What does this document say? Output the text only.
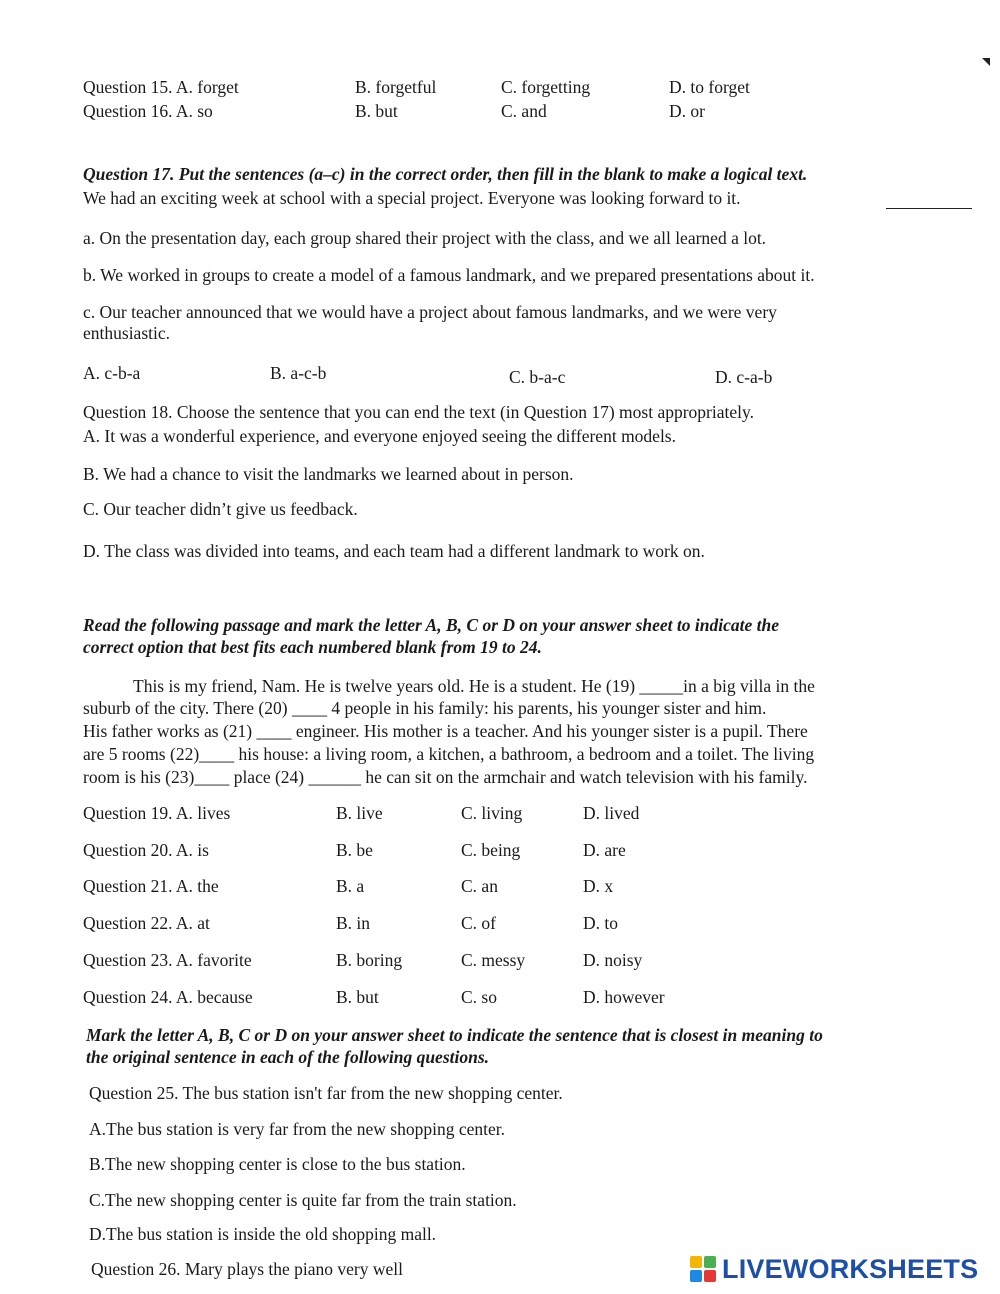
Question 15. A. forget	B. forgetful	C. forgetting	D. to forget
Question 16. A. so	B. but	C. and	D. or
Question 17. Put the sentences (a–c) in the correct order, then fill in the blank to make a logical text.
We had an exciting week at school with a special project. Everyone was looking forward to it.
a. On the presentation day, each group shared their project with the class, and we all learned a lot.
b. We worked in groups to create a model of a famous landmark, and we prepared presentations about it.
c. Our teacher announced that we would have a project about famous landmarks, and we were very
enthusiastic.
A. c-b-a	B. a-c-b	C. b-a-c	D. c-a-b
Question 18. Choose the sentence that you can end the text (in Question 17) most appropriately.
A. It was a wonderful experience, and everyone enjoyed seeing the different models.
B. We had a chance to visit the landmarks we learned about in person.
C. Our teacher didn’t give us feedback.
D. The class was divided into teams, and each team had a different landmark to work on.
Read the following passage and mark the letter A, B, C or D on your answer sheet to indicate the
correct option that best fits each numbered blank from 19 to 24.
This is my friend, Nam. He is twelve years old. He is a student. He (19) _____in a big villa in the
suburb of the city. There (20) ____ 4 people in his family: his parents, his younger sister and him.
His father works as (21) ____ engineer. His mother is a teacher. And his younger sister is a pupil. There
are 5 rooms (22)____ his house: a living room, a kitchen, a bathroom, a bedroom and a toilet. The living
room is his (23)____ place (24) ______ he can sit on the armchair and watch television with his family.
Question 19. A. lives	B. live	C. living	D. lived
Question 20. A. is	B. be	C. being	D. are
Question 21. A. the	B. a	C. an	D. x
Question 22. A. at	B. in	C. of	D. to
Question 23. A. favorite	B. boring	C. messy	D. noisy
Question 24. A. because	B. but	C. so	D. however
Mark the letter A, B, C or D on your answer sheet to indicate the sentence that is closest in meaning to
the original sentence in each of the following questions.
Question 25. The bus station isn't far from the new shopping center.
A.The bus station is very far from the new shopping center.
B.The new shopping center is close to the bus station.
C.The new shopping center is quite far from the train station.
D.The bus station is inside the old shopping mall.
Question 26. Mary plays the piano very well	LIVEWORKSHEETS
